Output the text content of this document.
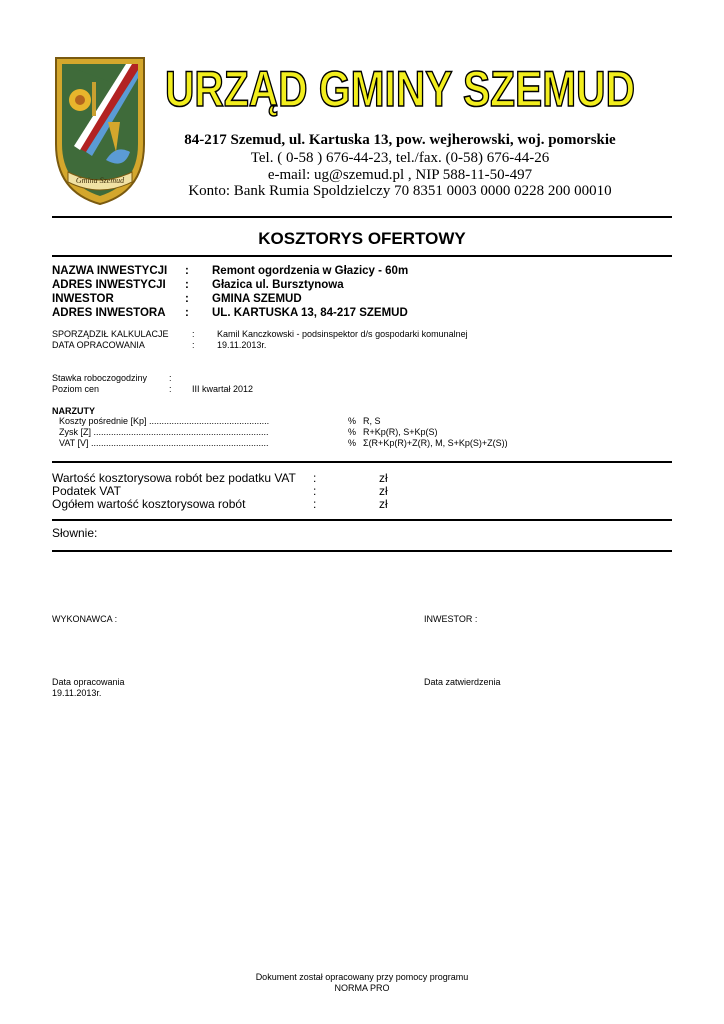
Gmina Szemud
URZĄD GMINY SZEMUD
84-217 Szemud, ul. Kartuska 13, pow. wejherowski, woj. pomorskie
Tel. ( 0-58 ) 676-44-23, tel./fax. (0-58) 676-44-26
e-mail: ug@szemud.pl , NIP 588-11-50-497
Konto: Bank Rumia Spoldzielczy 70 8351 0003 0000 0228 200 00010
KOSZTORYS OFERTOWY
NAZWA INWESTYCJI : Remont ogordzenia w Głazicy - 60m
ADRES INWESTYCJI : Głazica ul. Bursztynowa
INWESTOR	: GMINA SZEMUD
ADRES INWESTORA : UL. KARTUSKA 13, 84-217 SZEMUD
SPORZĄDZIŁ KALKULACJE	: Kamil Kanczkowski - podsinspektor d/s gospodarki komunalnej
DATA OPRACOWANIA	: 19.11.2013r.
Stawka roboczogodziny :
Poziom cen	: III kwartał 2012
NARZUTY
Koszty pośrednie [Kp] ................................................	% R, S
Zysk [Z] ......................................................................	% R+Kp(R), S+Kp(S)
VAT [V] .......................................................................	% Σ(R+Kp(R)+Z(R), M, S+Kp(S)+Z(S))
Wartość kosztorysowa robót bez podatku VAT :	zł
Podatek VAT	:	zł
Ogółem wartość kosztorysowa robót	:	zł
Słownie:
WYKONAWCA :	INWESTOR :
Data opracowania
19.11.2013r.
Data zatwierdzenia
Dokument został opracowany przy pomocy programu
NORMA PRO
